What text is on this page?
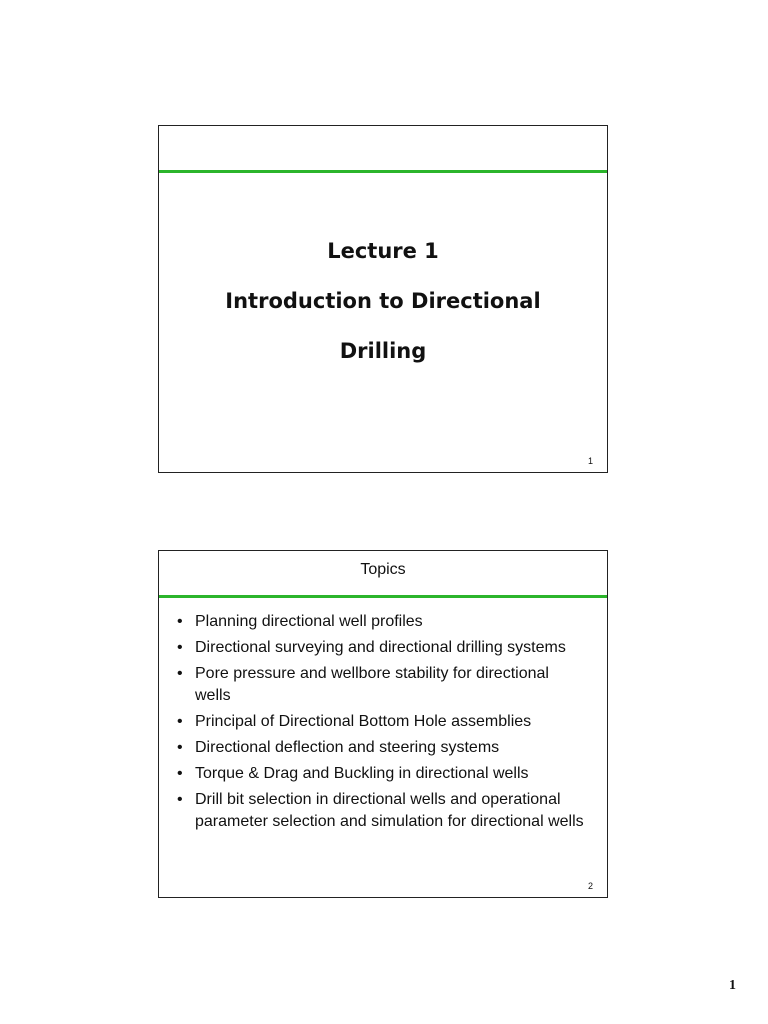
Lecture 1
Introduction to Directional
Drilling
1
Topics
• Planning directional well profiles
• Directional surveying and directional drilling systems
• Pore pressure and wellbore stability for directional wells
• Principal of Directional Bottom Hole assemblies
• Directional deflection and steering systems
• Torque & Drag and Buckling in directional wells
• Drill bit selection in directional wells and operational parameter selection and simulation for directional wells
2
1
